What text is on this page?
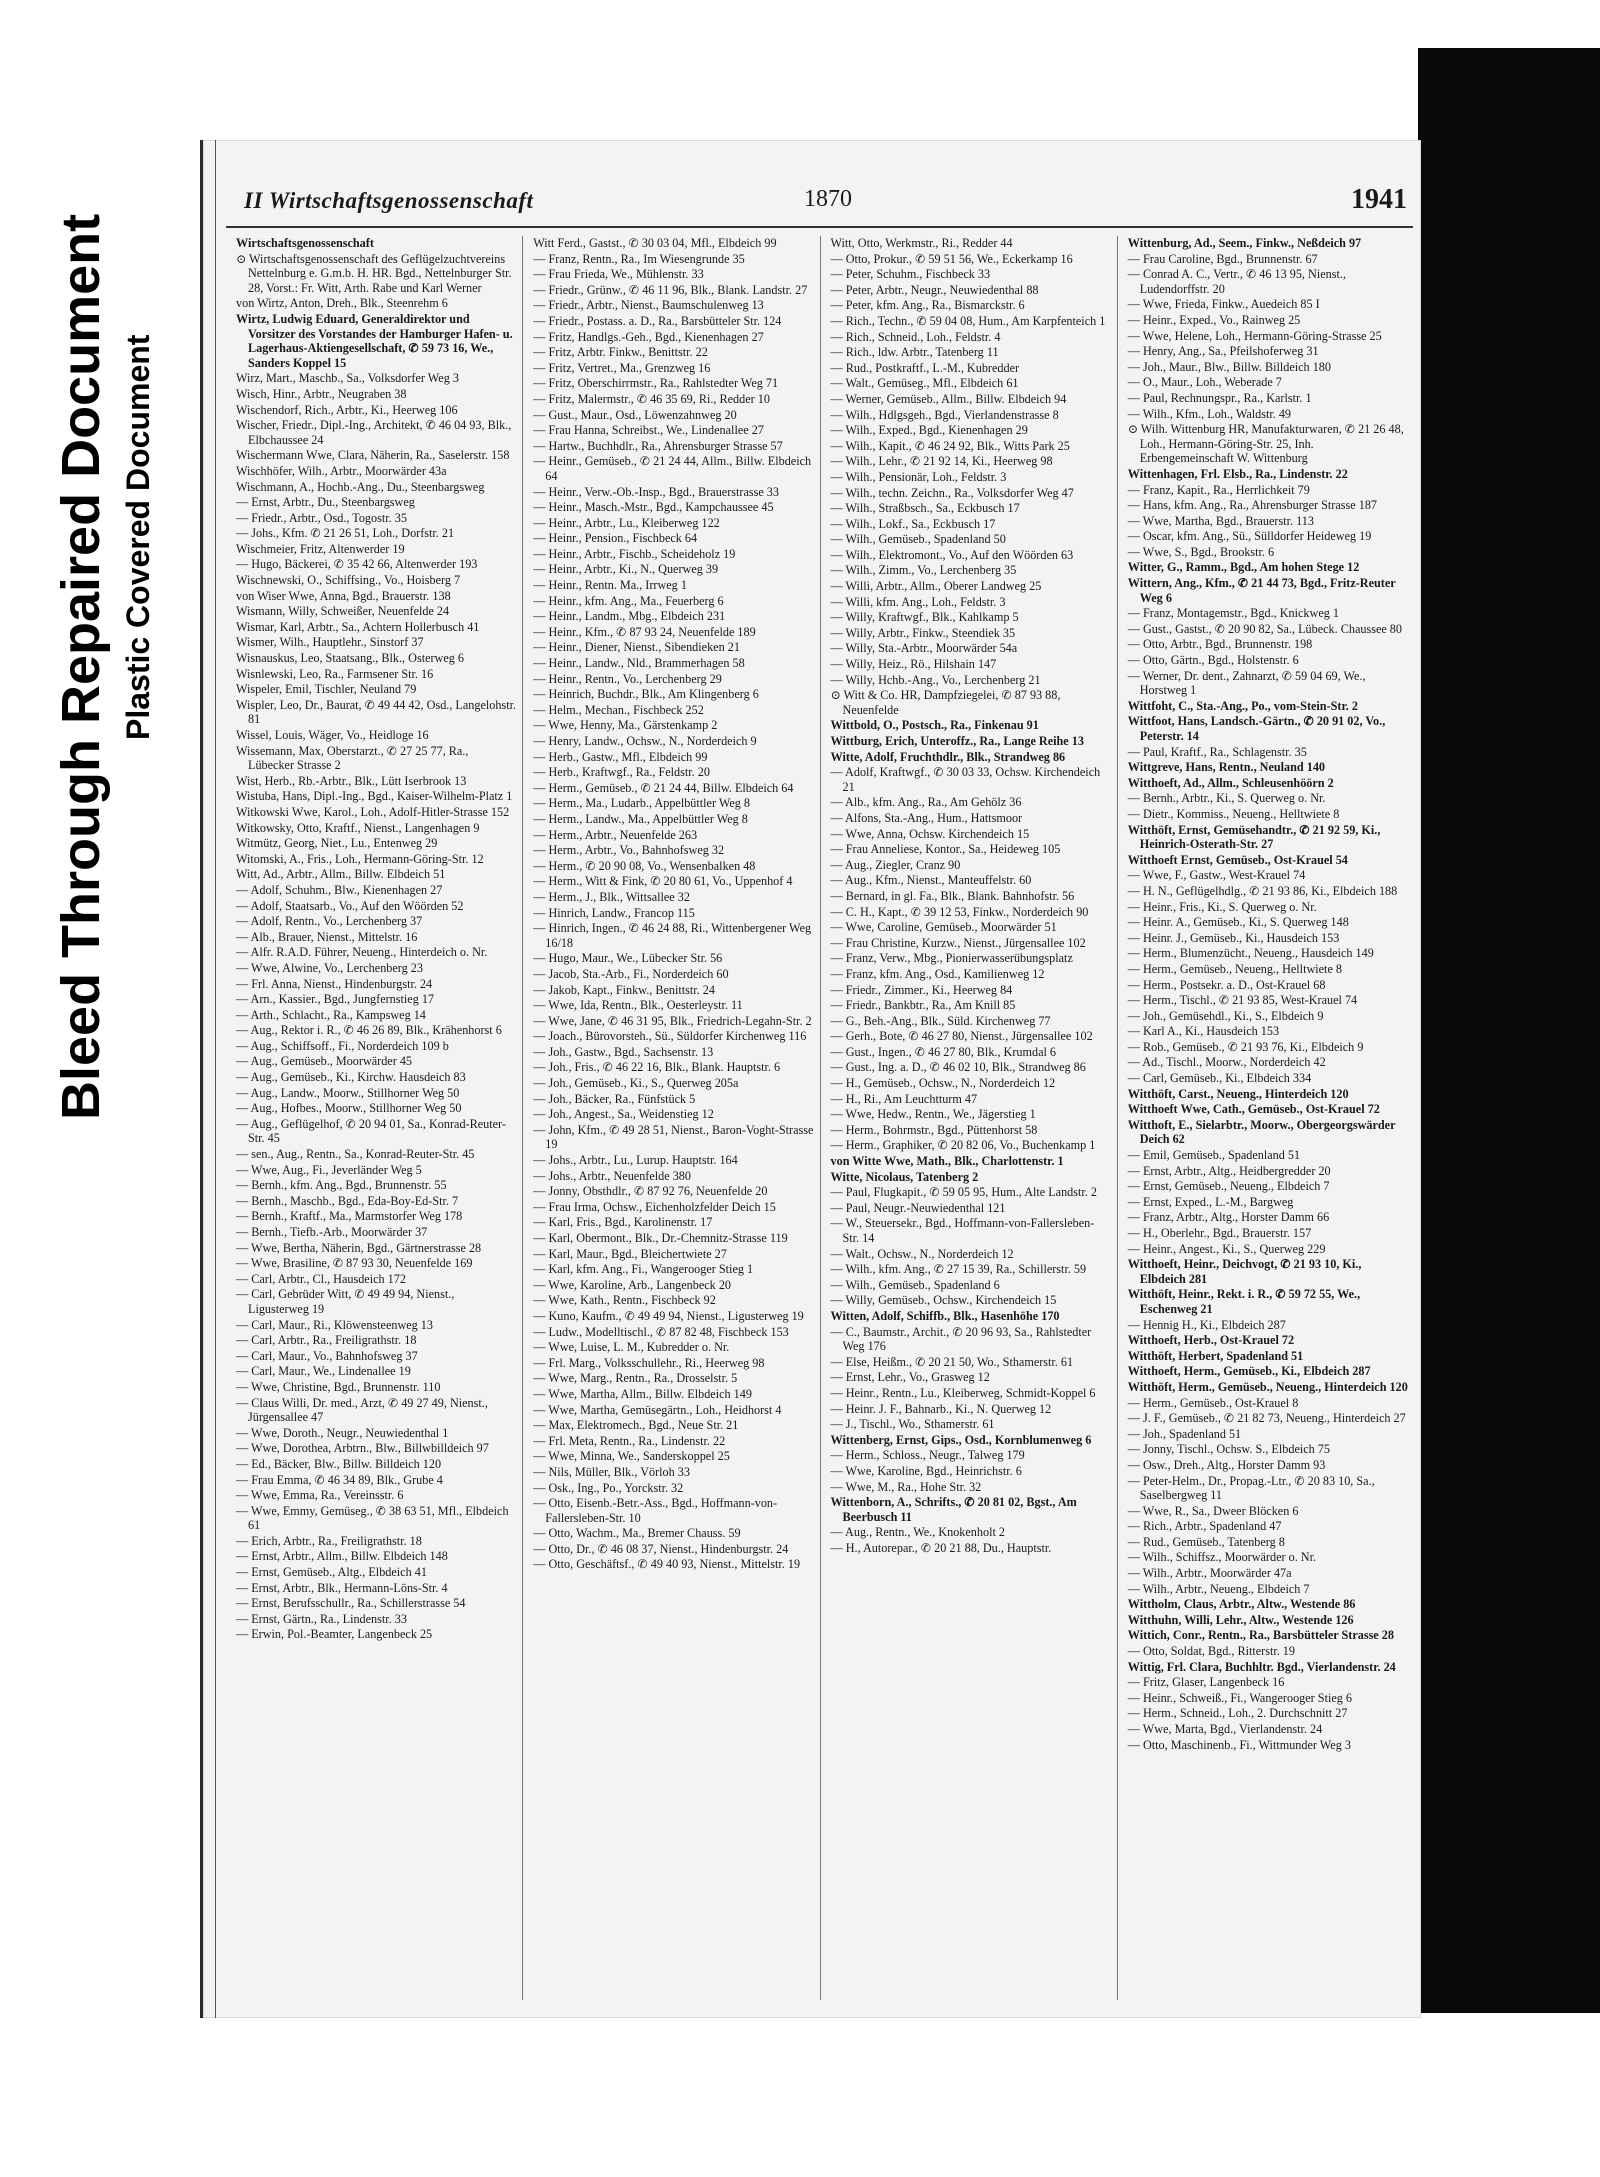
Bleed Through Repaired Document Plastic Covered Document
II Wirtschaftsgenossenschaft	1870	1941
Wirtschaftsgenossenschaft
⊙ Wirtschaftsgenossenschaft des Geflügelzuchtvereins Nettelnburg e. G.m.b. H. HR. Bgd., Nettelnburger Str. 28, Vorst.: Fr. Witt, Arth. Rabe und Karl Werner
von Wirtz, Anton, Dreh., Blk., Steenrehm 6
Wirtz, Ludwig Eduard, Generaldirektor und Vorsitzer des Vorstandes der Hamburger Hafen- u. Lagerhaus-Aktiengesellschaft, ✆ 59 73 16, We., Sanders Koppel 15
Wirz, Mart., Maschb., Sa., Volksdorfer Weg 3
Wisch, Hinr., Arbtr., Neugraben 38
Wischendorf, Rich., Arbtr., Ki., Heerweg 106
Wischer, Friedr., Dipl.-Ing., Architekt, ✆ 46 04 93, Blk., Elbchaussee 24
Wischermann Wwe, Clara, Näherin, Ra., Saselerstr. 158
Wischhöfer, Wilh., Arbtr., Moorwärder 43a
Wischmann, A., Hochb.-Ang., Du., Steenbargsweg
— Ernst, Arbtr., Du., Steenbargsweg
— Friedr., Arbtr., Osd., Togostr. 35
— Johs., Kfm. ✆ 21 26 51, Loh., Dorfstr. 21
Wischmeier, Fritz, Altenwerder 19
— Hugo, Bäckerei, ✆ 35 42 66, Altenwerder 193
Wischnewski, O., Schiffsing., Vo., Hoisberg 7
von Wiser Wwe, Anna, Bgd., Brauerstr. 138
Wismann, Willy, Schweißer, Neuenfelde 24
Wismar, Karl, Arbtr., Sa., Achtern Hollerbusch 41
Wismer, Wilh., Hauptlehr., Sinstorf 37
Wisnauskus, Leo, Staatsang., Blk., Osterweg 6
Wisnlewski, Leo, Ra., Farmsener Str. 16
Wispeler, Emil, Tischler, Neuland 79
Wispler, Leo, Dr., Baurat, ✆ 49 44 42, Osd., Langelohstr. 81
Wissel, Louis, Wäger, Vo., Heidloge 16
Wissemann, Max, Oberstarzt., ✆ 27 25 77, Ra., Lübecker Strasse 2
Wist, Herb., Rb.-Arbtr., Blk., Lütt Iserbrook 13
Wistuba, Hans, Dipl.-Ing., Bgd., Kaiser-Wilhelm-Platz 1
Witkowski Wwe, Karol., Loh., Adolf-Hitler-Strasse 152
Witkowsky, Otto, Kraftf., Nienst., Langenhagen 9
Witmütz, Georg, Niet., Lu., Entenweg 29
Witomski, A., Fris., Loh., Hermann-Göring-Str. 12
Witt, Ad., Arbtr., Allm., Billw. Elbdeich 51
— Adolf, Schuhm., Blw., Kienenhagen 27
— Adolf, Staatsarb., Vo., Auf den Wöörden 52
— Adolf, Rentn., Vo., Lerchenberg 37
— Alb., Brauer, Nienst., Mittelstr. 16
— Alfr. R.A.D. Führer, Neueng., Hinterdeich o. Nr.
— Wwe, Alwine, Vo., Lerchenberg 23
— Frl. Anna, Nienst., Hindenburgstr. 24
— Arn., Kassier., Bgd., Jungfernstieg 17
— Arth., Schlacht., Ra., Kampsweg 14
— Aug., Rektor i. R., ✆ 46 26 89, Blk., Krähenhorst 6
— Aug., Schiffsoff., Fi., Norderdeich 109 b
— Aug., Gemüseb., Moorwärder 45
— Aug., Gemüseb., Ki., Kirchw. Hausdeich 83
— Aug., Landw., Moorw., Stillhorner Weg 50
— Aug., Hofbes., Moorw., Stillhorner Weg 50
— Aug., Geflügelhof, ✆ 20 94 01, Sa., Konrad-Reuter-Str. 45
— sen., Aug., Rentn., Sa., Konrad-Reuter-Str. 45
— Wwe, Aug., Fi., Jeverländer Weg 5
— Bernh., kfm. Ang., Bgd., Brunnenstr. 55
— Bernh., Maschb., Bgd., Eda-Boy-Ed-Str. 7
— Bernh., Kraftf., Ma., Marmstorfer Weg 178
— Bernh., Tiefb.-Arb., Moorwärder 37
— Wwe, Bertha, Näherin, Bgd., Gärtnerstrasse 28
— Wwe, Brasiline, ✆ 87 93 30, Neuenfelde 169
— Carl, Arbtr., Cl., Hausdeich 172
— Carl, Gebrüder Witt, ✆ 49 49 94, Nienst., Ligusterweg 19
— Carl, Maur., Ri., Klöwensteenweg 13
— Carl, Arbtr., Ra., Freiligrathstr. 18
— Carl, Maur., Vo., Bahnhofsweg 37
— Carl, Maur., We., Lindenallee 19
— Wwe, Christine, Bgd., Brunnenstr. 110
— Claus Willi, Dr. med., Arzt, ✆ 49 27 49, Nienst., Jürgensallee 47
— Wwe, Doroth., Neugr., Neuwiedenthal 1
— Wwe, Dorothea, Arbtrn., Blw., Billwbilldeich 97
— Ed., Bäcker, Blw., Billw. Billdeich 120
— Frau Emma, ✆ 46 34 89, Blk., Grube 4
— Wwe, Emma, Ra., Vereinsstr. 6
— Wwe, Emmy, Gemüseg., ✆ 38 63 51, Mfl., Elbdeich 61
— Erich, Arbtr., Ra., Freiligrathstr. 18
— Ernst, Arbtr., Allm., Billw. Elbdeich 148
— Ernst, Gemüseb., Altg., Elbdeich 41
— Ernst, Arbtr., Blk., Hermann-Löns-Str. 4
— Ernst, Berufsschullr., Ra., Schillerstrasse 54
— Ernst, Gärtn., Ra., Lindenstr. 33
— Erwin, Pol.-Beamter, Langenbeck 25
Witt Ferd., Gastst., ✆ 30 03 04, Mfl., Elbdeich 99
— Franz, Rentn., Ra., Im Wiesengrunde 35
— Frau Frieda, We., Mühlenstr. 33
— Friedr., Grünw., ✆ 46 11 96, Blk., Blank. Landstr. 27
— Friedr., Arbtr., Nienst., Baumschulenweg 13
— Friedr., Postass. a. D., Ra., Barsbütteler Str. 124
— Fritz, Handlgs.-Geh., Bgd., Kienenhagen 27
— Fritz, Arbtr. Finkw., Benittstr. 22
— Fritz, Vertret., Ma., Grenzweg 16
— Fritz, Oberschirrmstr., Ra., Rahlstedter Weg 71
— Fritz, Malermstr., ✆ 46 35 69, Ri., Redder 10
— Gust., Maur., Osd., Löwenzahnweg 20
— Frau Hanna, Schreibst., We., Lindenallee 27
— Hartw., Buchhdlr., Ra., Ahrensburger Strasse 57
— Heinr., Gemüseb., ✆ 21 24 44, Allm., Billw. Elbdeich 64
— Heinr., Verw.-Ob.-Insp., Bgd., Brauerstrasse 33
— Heinr., Masch.-Mstr., Bgd., Kampchaussee 45
— Heinr., Arbtr., Lu., Kleiberweg 122
— Heinr., Pension., Fischbeck 64
— Heinr., Arbtr., Fischb., Scheideholz 19
— Heinr., Arbtr., Ki., N., Querweg 39
— Heinr., Rentn. Ma., Irrweg 1
— Heinr., kfm. Ang., Ma., Feuerberg 6
— Heinr., Landm., Mbg., Elbdeich 231
— Heinr., Kfm., ✆ 87 93 24, Neuenfelde 189
— Heinr., Diener, Nienst., Sibendieken 21
— Heinr., Landw., Nld., Brammerhagen 58
— Heinr., Rentn., Vo., Lerchenberg 29
— Heinrich, Buchdr., Blk., Am Klingenberg 6
— Helm., Mechan., Fischbeck 252
— Wwe, Henny, Ma., Gärstenkamp 2
— Henry, Landw., Ochsw., N., Norderdeich 9
— Herb., Gastw., Mfl., Elbdeich 99
— Herb., Kraftwgf., Ra., Feldstr. 20
— Herm., Gemüseb., ✆ 21 24 44, Billw. Elbdeich 64
— Herm., Ma., Ludarb., Appelbüttler Weg 8
— Herm., Landw., Ma., Appelbüttler Weg 8
— Herm., Arbtr., Neuenfelde 263
— Herm., Arbtr., Vo., Bahnhofsweg 32
— Herm., ✆ 20 90 08, Vo., Wensenbalken 48
— Herm., Witt & Fink, ✆ 20 80 61, Vo., Uppenhof 4
— Herm., J., Blk., Wittsallee 32
— Hinrich, Landw., Francop 115
— Hinrich, Ingen., ✆ 46 24 88, Ri., Wittenbergener Weg 16/18
— Hugo, Maur., We., Lübecker Str. 56
— Jacob, Sta.-Arb., Fi., Norderdeich 60
— Jakob, Kapt., Finkw., Benittstr. 24
— Wwe, Ida, Rentn., Blk., Oesterleystr. 11
— Wwe, Jane, ✆ 46 31 95, Blk., Friedrich-Legahn-Str. 2
— Joach., Bürovorsteh., Sü., Süldorfer Kirchenweg 116
— Joh., Gastw., Bgd., Sachsenstr. 13
— Joh., Fris., ✆ 46 22 16, Blk., Blank. Hauptstr. 6
— Joh., Gemüseb., Ki., S., Querweg 205a
— Joh., Bäcker, Ra., Fünfstück 5
— Joh., Angest., Sa., Weidenstieg 12
— John, Kfm., ✆ 49 28 51, Nienst., Baron-Voght-Strasse 19
— Johs., Arbtr., Lu., Lurup. Hauptstr. 164
— Johs., Arbtr., Neuenfelde 380
— Jonny, Obsthdlr., ✆ 87 92 76, Neuenfelde 20
— Frau Irma, Ochsw., Eichenholzfelder Deich 15
— Karl, Fris., Bgd., Karolinenstr. 17
— Karl, Obermont., Blk., Dr.-Chemnitz-Strasse 119
— Karl, Maur., Bgd., Bleichertwiete 27
— Karl, kfm. Ang., Fi., Wangerooger Stieg 1
— Wwe, Karoline, Arb., Langenbeck 20
— Wwe, Kath., Rentn., Fischbeck 92
— Kuno, Kaufm., ✆ 49 49 94, Nienst., Ligusterweg 19
— Ludw., Modelltischl., ✆ 87 82 48, Fischbeck 153
— Wwe, Luise, L. M., Kubredder o. Nr.
— Frl. Marg., Volksschullehr., Ri., Heerweg 98
— Wwe, Marg., Rentn., Ra., Drosselstr. 5
— Wwe, Martha, Allm., Billw. Elbdeich 149
— Wwe, Martha, Gemüsegärtn., Loh., Heidhorst 4
— Max, Elektromech., Bgd., Neue Str. 21
— Frl. Meta, Rentn., Ra., Lindenstr. 22
— Wwe, Minna, We., Sanderskoppel 25
— Nils, Müller, Blk., Vörloh 33
— Osk., Ing., Po., Yorckstr. 32
— Otto, Eisenb.-Betr.-Ass., Bgd., Hoffmann-von-Fallersleben-Str. 10
— Otto, Wachm., Ma., Bremer Chauss. 59
— Otto, Dr., ✆ 46 08 37, Nienst., Hindenburgstr. 24
— Otto, Geschäftsf., ✆ 49 40 93, Nienst., Mittelstr. 19
Witt, Otto, Werkmstr., Ri., Redder 44
— Otto, Prokur., ✆ 59 51 56, We., Eckerkamp 16
— Peter, Schuhm., Fischbeck 33
— Peter, Arbtr., Neugr., Neuwiedenthal 88
— Peter, kfm. Ang., Ra., Bismarckstr. 6
— Rich., Techn., ✆ 59 04 08, Hum., Am Karpfenteich 1
— Rich., Schneid., Loh., Feldstr. 4
— Rich., ldw. Arbtr., Tatenberg 11
— Rud., Postkraftf., L.-M., Kubredder
— Walt., Gemüseg., Mfl., Elbdeich 61
— Werner, Gemüseb., Allm., Billw. Elbdeich 94
— Wilh., Hdlgsgeh., Bgd., Vierlandenstrasse 8
— Wilh., Exped., Bgd., Kienenhagen 29
— Wilh., Kapit., ✆ 46 24 92, Blk., Witts Park 25
— Wilh., Lehr., ✆ 21 92 14, Ki., Heerweg 98
— Wilh., Pensionär, Loh., Feldstr. 3
— Wilh., techn. Zeichn., Ra., Volksdorfer Weg 47
— Wilh., Straßbsch., Sa., Eckbusch 17
— Wilh., Lokf., Sa., Eckbusch 17
— Wilh., Gemüseb., Spadenland 50
— Wilh., Elektromont., Vo., Auf den Wöörden 63
— Wilh., Zimm., Vo., Lerchenberg 35
— Willi, Arbtr., Allm., Oberer Landweg 25
— Willi, kfm. Ang., Loh., Feldstr. 3
— Willy, Kraftwgf., Blk., Kahlkamp 5
— Willy, Arbtr., Finkw., Steendiek 35
— Willy, Sta.-Arbtr., Moorwärder 54a
— Willy, Heiz., Rö., Hilshain 147
— Willy, Hchb.-Ang., Vo., Lerchenberg 21
⊙ Witt & Co. HR, Dampfziegelei, ✆ 87 93 88, Neuenfelde
Wittbold, O., Postsch., Ra., Finkenau 91
Wittburg, Erich, Unteroffz., Ra., Lange Reihe 13
Witte, Adolf, Fruchthdlr., Blk., Strandweg 86
— Adolf, Kraftwgf., ✆ 30 03 33, Ochsw. Kirchendeich 21
— Alb., kfm. Ang., Ra., Am Gehölz 36
— Alfons, Sta.-Ang., Hum., Hattsmoor
— Wwe, Anna, Ochsw. Kirchendeich 15
— Frau Anneliese, Kontor., Sa., Heideweg 105
— Aug., Ziegler, Cranz 90
— Aug., Kfm., Nienst., Manteuffelstr. 60
— Bernard, in gl. Fa., Blk., Blank. Bahnhofstr. 56
— C. H., Kapt., ✆ 39 12 53, Finkw., Norderdeich 90
— Wwe, Caroline, Gemüseb., Moorwärder 51
— Frau Christine, Kurzw., Nienst., Jürgensallee 102
— Franz, Verw., Mbg., Pionierwasserübungsplatz
— Franz, kfm. Ang., Osd., Kamilienweg 12
— Friedr., Zimmer., Ki., Heerweg 84
— Friedr., Bankbtr., Ra., Am Knill 85
— G., Beh.-Ang., Blk., Süld. Kirchenweg 77
— Gerh., Bote, ✆ 46 27 80, Nienst., Jürgensallee 102
— Gust., Ingen., ✆ 46 27 80, Blk., Krumdal 6
— Gust., Ing. a. D., ✆ 46 02 10, Blk., Strandweg 86
— H., Gemüseb., Ochsw., N., Norderdeich 12
— H., Ri., Am Leuchtturm 47
— Wwe, Hedw., Rentn., We., Jägerstieg 1
— Herm., Bohrmstr., Bgd., Püttenhorst 58
— Herm., Graphiker, ✆ 20 82 06, Vo., Buchenkamp 1
von Witte Wwe, Math., Blk., Charlottenstr. 1
Witte, Nicolaus, Tatenberg 2
— Paul, Flugkapit., ✆ 59 05 95, Hum., Alte Landstr. 2
— Paul, Neugr.-Neuwiedenthal 121
— W., Steuersekr., Bgd., Hoffmann-von-Fallersleben-Str. 14
— Walt., Ochsw., N., Norderdeich 12
— Wilh., kfm. Ang., ✆ 27 15 39, Ra., Schillerstr. 59
— Wilh., Gemüseb., Spadenland 6
— Willy, Gemüseb., Ochsw., Kirchendeich 15
Witten, Adolf, Schiffb., Blk., Hasenhöhe 170
— C., Baumstr., Archit., ✆ 20 96 93, Sa., Rahlstedter Weg 176
— Else, Heißm., ✆ 20 21 50, Wo., Sthamerstr. 61
— Ernst, Lehr., Vo., Grasweg 12
— Heinr., Rentn., Lu., Kleiberweg, Schmidt-Koppel 6
— Heinr. J. F., Bahnarb., Ki., N. Querweg 12
— J., Tischl., Wo., Sthamerstr. 61
Wittenberg, Ernst, Gips., Osd., Kornblumenweg 6
— Herm., Schloss., Neugr., Talweg 179
— Wwe, Karoline, Bgd., Heinrichstr. 6
— Wwe, M., Ra., Hohe Str. 32
Wittenborn, A., Schrifts., ✆ 20 81 02, Bgst., Am Beerbusch 11
— Aug., Rentn., We., Knokenholt 2
— H., Autorepar., ✆ 20 21 88, Du., Hauptstr.
Wittenburg, Ad., Seem., Finkw., Neßdeich 97
— Frau Caroline, Bgd., Brunnenstr. 67
— Conrad A. C., Vertr., ✆ 46 13 95, Nienst., Ludendorffstr. 20
— Wwe, Frieda, Finkw., Auedeich 85 I
— Heinr., Exped., Vo., Rainweg 25
— Wwe, Helene, Loh., Hermann-Göring-Strasse 25
— Henry, Ang., Sa., Pfeilshoferweg 31
— Joh., Maur., Blw., Billw. Billdeich 180
— O., Maur., Loh., Weberade 7
— Paul, Rechnungspr., Ra., Karlstr. 1
— Wilh., Kfm., Loh., Waldstr. 49
⊙ Wilh. Wittenburg HR, Manufakturwaren, ✆ 21 26 48, Loh., Hermann-Göring-Str. 25, Inh. Erbengemeinschaft W. Wittenburg
Wittenhagen, Frl. Elsb., Ra., Lindenstr. 22
— Franz, Kapit., Ra., Herrlichkeit 79
— Hans, kfm. Ang., Ra., Ahrensburger Strasse 187
— Wwe, Martha, Bgd., Brauerstr. 113
— Oscar, kfm. Ang., Sü., Sülldorfer Heideweg 19
— Wwe, S., Bgd., Brookstr. 6
Witter, G., Ramm., Bgd., Am hohen Stege 12
Wittern, Ang., Kfm., ✆ 21 44 73, Bgd., Fritz-Reuter Weg 6
— Franz, Montagemstr., Bgd., Knickweg 1
— Gust., Gastst., ✆ 20 90 82, Sa., Lübeck. Chaussee 80
— Otto, Arbtr., Bgd., Brunnenstr. 198
— Otto, Gärtn., Bgd., Holstenstr. 6
— Werner, Dr. dent., Zahnarzt, ✆ 59 04 69, We., Horstweg 1
Wittfoht, C., Sta.-Ang., Po., vom-Stein-Str. 2
Wittfoot, Hans, Landsch.-Gärtn., ✆ 20 91 02, Vo., Peterstr. 14
— Paul, Kraftf., Ra., Schlagenstr. 35
Wittgreve, Hans, Rentn., Neuland 140
Witthoeft, Ad., Allm., Schleusenhöörn 2
— Bernh., Arbtr., Ki., S. Querweg o. Nr.
— Dietr., Kommiss., Neueng., Helltwiete 8
Witthöft, Ernst, Gemüsehandtr., ✆ 21 92 59, Ki., Heinrich-Osterath-Str. 27
Witthoeft Ernst, Gemüseb., Ost-Krauel 54
— Wwe, F., Gastw., West-Krauel 74
— H. N., Geflügelhdlg., ✆ 21 93 86, Ki., Elbdeich 188
— Heinr., Fris., Ki., S. Querweg o. Nr.
— Heinr. A., Gemüseb., Ki., S. Querweg 148
— Heinr. J., Gemüseb., Ki., Hausdeich 153
— Herm., Blumenzücht., Neueng., Hausdeich 149
— Herm., Gemüseb., Neueng., Helltwiete 8
— Herm., Postsekr. a. D., Ost-Krauel 68
— Herm., Tischl., ✆ 21 93 85, West-Krauel 74
— Joh., Gemüsehdl., Ki., S., Elbdeich 9
— Karl A., Ki., Hausdeich 153
— Rob., Gemüseb., ✆ 21 93 76, Ki., Elbdeich 9
— Ad., Tischl., Moorw., Norderdeich 42
— Carl, Gemüseb., Ki., Elbdeich 334
Witthöft, Carst., Neueng., Hinterdeich 120
Witthoeft Wwe, Cath., Gemüseb., Ost-Krauel 72
Witthoft, E., Sielarbtr., Moorw., Obergeorgswärder Deich 62
— Emil, Gemüseb., Spadenland 51
— Ernst, Arbtr., Altg., Heidbergredder 20
— Ernst, Gemüseb., Neueng., Elbdeich 7
— Ernst, Exped., L.-M., Bargweg
— Franz, Arbtr., Altg., Horster Damm 66
— H., Oberlehr., Bgd., Brauerstr. 157
— Heinr., Angest., Ki., S., Querweg 229
Witthoeft, Heinr., Deichvogt, ✆ 21 93 10, Ki., Elbdeich 281
Witthöft, Heinr., Rekt. i. R., ✆ 59 72 55, We., Eschenweg 21
— Hennig H., Ki., Elbdeich 287
Witthoeft, Herb., Ost-Krauel 72
Witthöft, Herbert, Spadenland 51
Witthoeft, Herm., Gemüseb., Ki., Elbdeich 287
Witthöft, Herm., Gemüseb., Neueng., Hinterdeich 120
— Herm., Gemüseb., Ost-Krauel 8
— J. F., Gemüseb., ✆ 21 82 73, Neueng., Hinterdeich 27
— Joh., Spadenland 51
— Jonny, Tischl., Ochsw. S., Elbdeich 75
— Osw., Dreh., Altg., Horster Damm 93
— Peter-Helm., Dr., Propag.-Ltr., ✆ 20 83 10, Sa., Saselbergweg 11
— Wwe, R., Sa., Dweer Blöcken 6
— Rich., Arbtr., Spadenland 47
— Rud., Gemüseb., Tatenberg 8
— Wilh., Schiffsz., Moorwärder o. Nr.
— Wilh., Arbtr., Moorwärder 47a
— Wilh., Arbtr., Neueng., Elbdeich 7
Wittholm, Claus, Arbtr., Altw., Westende 86
Witthuhn, Willi, Lehr., Altw., Westende 126
Wittich, Conr., Rentn., Ra., Barsbütteler Strasse 28
— Otto, Soldat, Bgd., Ritterstr. 19
Wittig, Frl. Clara, Buchhltr. Bgd., Vierlandenstr. 24
— Fritz, Glaser, Langenbeck 16
— Heinr., Schweiß., Fi., Wangerooger Stieg 6
— Herm., Schneid., Loh., 2. Durchschnitt 27
— Wwe, Marta, Bgd., Vierlandenstr. 24
— Otto, Maschinenb., Fi., Wittmunder Weg 3
